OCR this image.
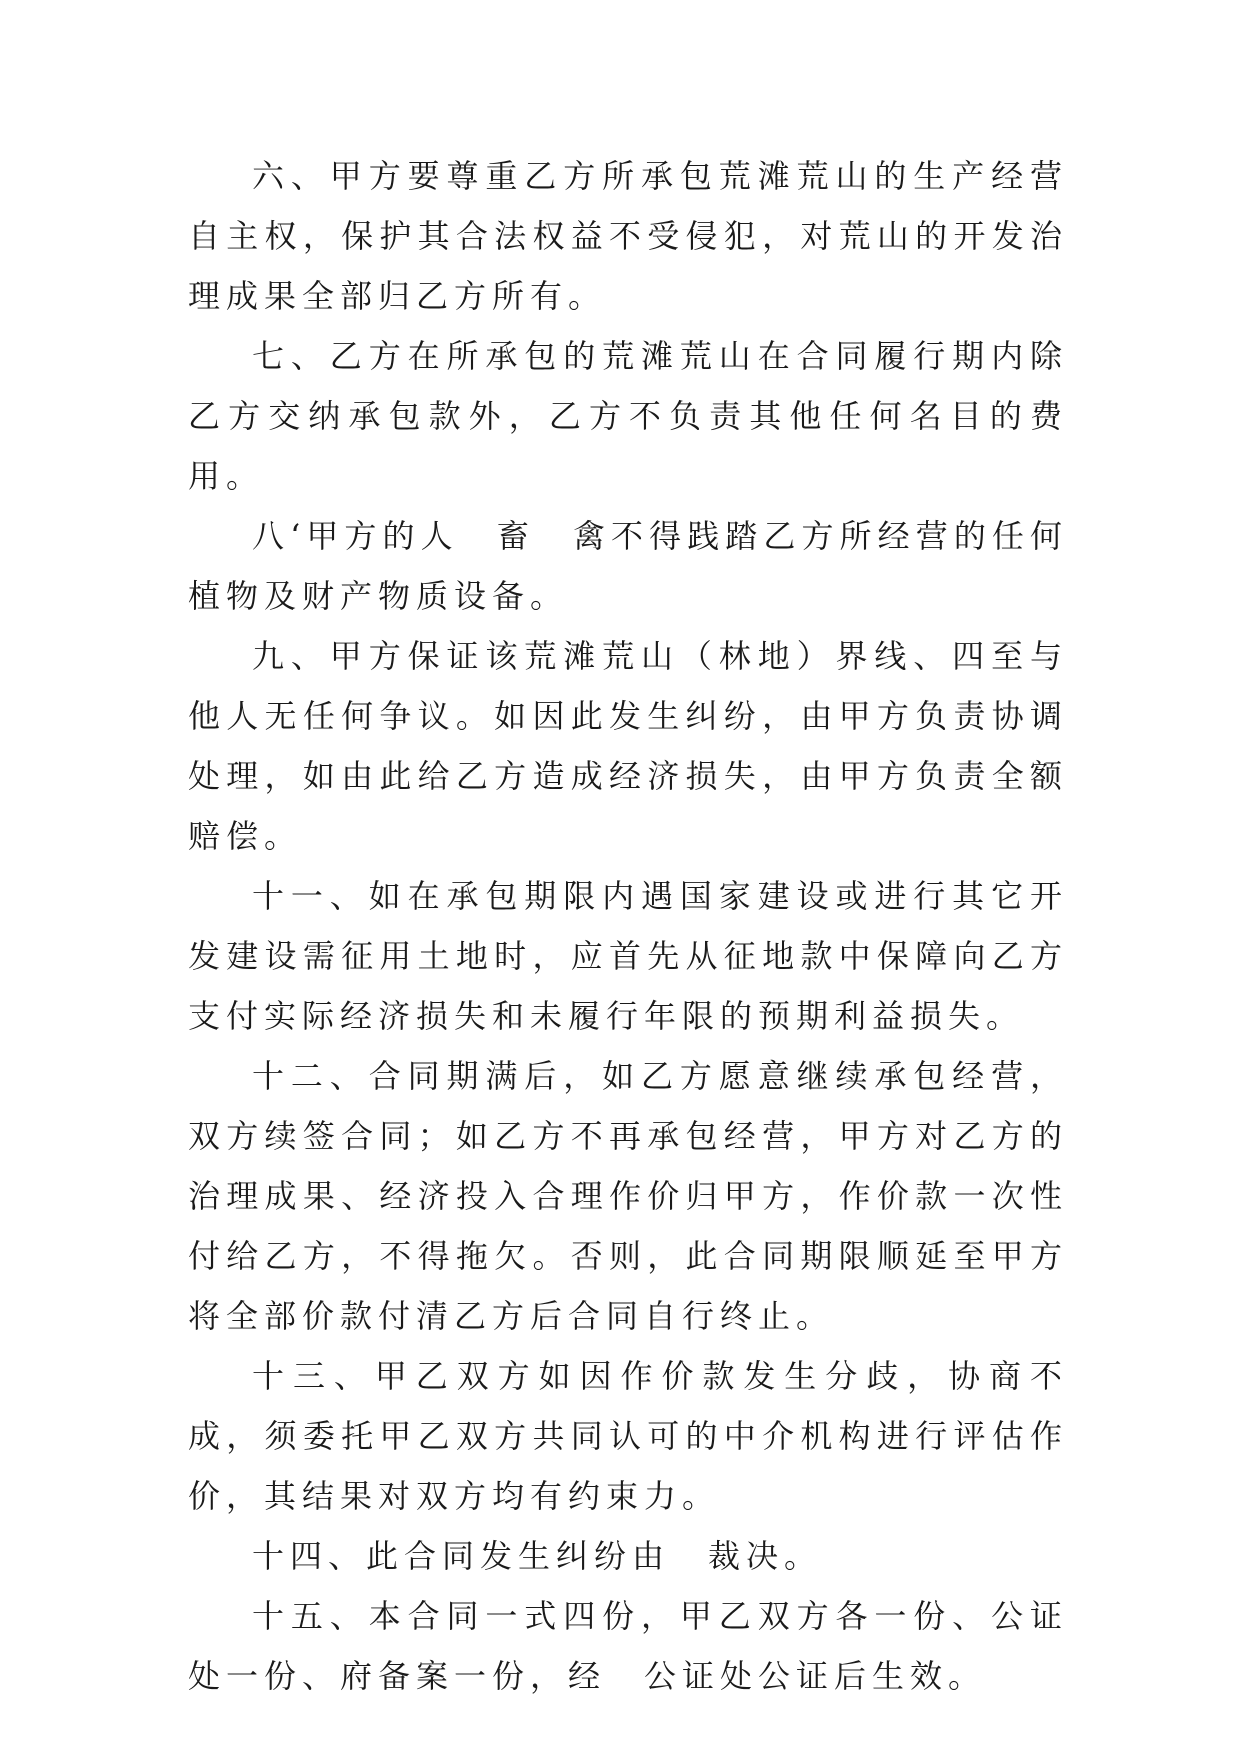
六、甲方要尊重乙方所承包荒滩荒山的生产经营自主权，保护其合法权益不受侵犯，对荒山的开发治理成果全部归乙方所有。

七、乙方在所承包的荒滩荒山在合同履行期内除乙方交纳承包款外，乙方不负责其他任何名目的费用。

八‘甲方的人　畜　禽不得践踏乙方所经营的任何植物及财产物质设备。

九、甲方保证该荒滩荒山（林地）界线、四至与他人无任何争议。如因此发生纠纷，由甲方负责协调处理，如由此给乙方造成经济损失，由甲方负责全额赔偿。

十一、如在承包期限内遇国家建设或进行其它开发建设需征用土地时，应首先从征地款中保障向乙方支付实际经济损失和未履行年限的预期利益损失。

十二、合同期满后，如乙方愿意继续承包经营，双方续签合同；如乙方不再承包经营，甲方对乙方的治理成果、经济投入合理作价归甲方，作价款一次性付给乙方，不得拖欠。否则，此合同期限顺延至甲方将全部价款付清乙方后合同自行终止。

十三、甲乙双方如因作价款发生分歧，协商不成，须委托甲乙双方共同认可的中介机构进行评估作价，其结果对双方均有约束力。

十四、此合同发生纠纷由　裁决。

十五、本合同一式四份，甲乙双方各一份、公证处一份、府备案一份，经　公证处公证后生效。
